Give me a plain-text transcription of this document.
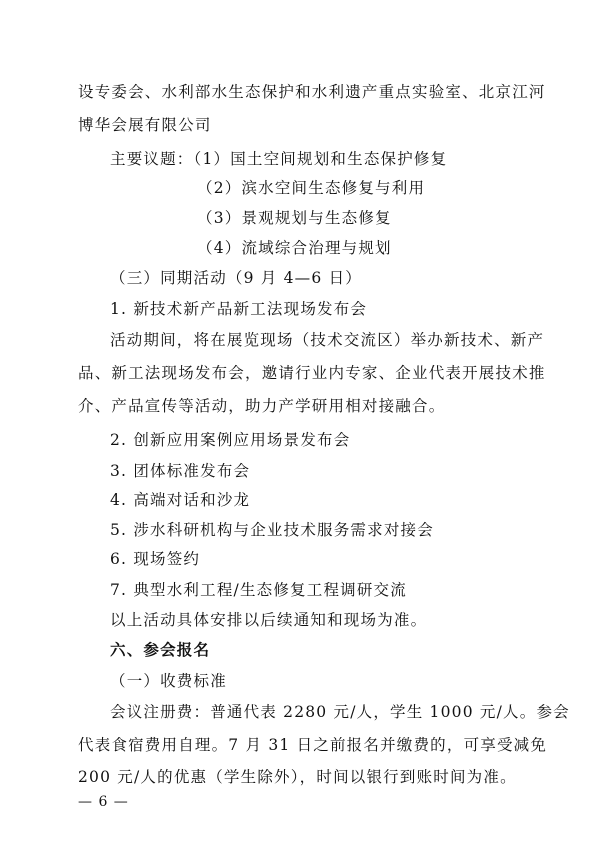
设专委会、水利部水生态保护和水利遗产重点实验室、北京江河
博华会展有限公司
主要议题：（1）国土空间规划和生态保护修复
（2）滨水空间生态修复与利用
（3）景观规划与生态修复
（4）流域综合治理与规划
（三）同期活动（9 月 4—6 日）
1. 新技术新产品新工法现场发布会
活动期间，将在展览现场（技术交流区）举办新技术、新产
品、新工法现场发布会，邀请行业内专家、企业代表开展技术推
介、产品宣传等活动，助力产学研用相对接融合。
2. 创新应用案例应用场景发布会
3. 团体标准发布会
4. 高端对话和沙龙
5. 涉水科研机构与企业技术服务需求对接会
6. 现场签约
7. 典型水利工程/生态修复工程调研交流
以上活动具体安排以后续通知和现场为准。
六、参会报名
（一）收费标准
会议注册费：普通代表 2280 元/人，学生 1000 元/人。参会
代表食宿费用自理。7 月 31 日之前报名并缴费的，可享受减免
200 元/人的优惠（学生除外），时间以银行到账时间为准。
— 6 —
